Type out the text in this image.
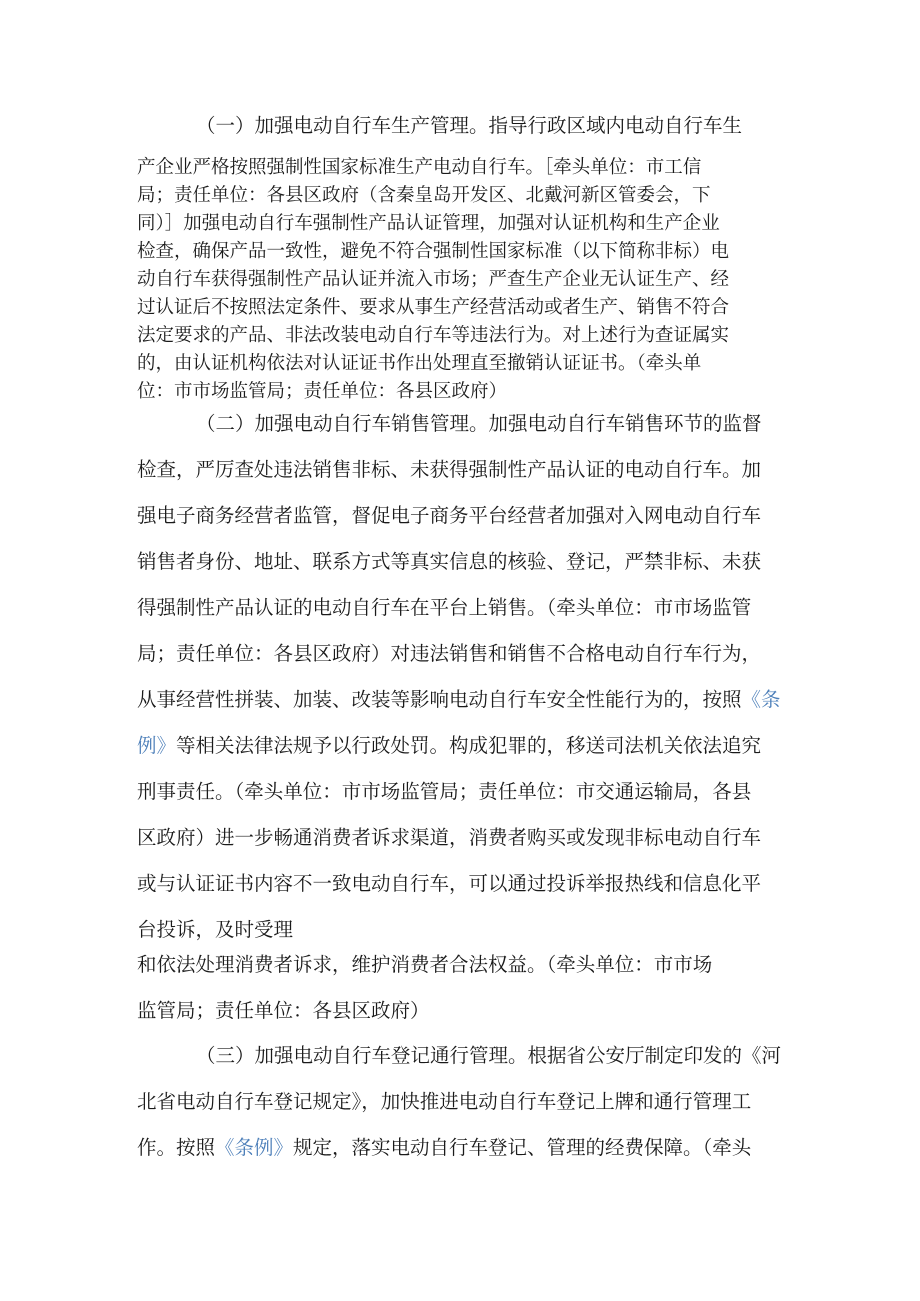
（一）加强电动自行车生产管理。指导行政区域内电动自行车生
产企业严格按照强制性国家标准生产电动自行车。［牵头单位：市工信
局；责任单位：各县区政府（含秦皇岛开发区、北戴河新区管委会，下
同）］加强电动自行车强制性产品认证管理，加强对认证机构和生产企业
检查，确保产品一致性，避免不符合强制性国家标准（以下简称非标）电
动自行车获得强制性产品认证并流入市场；严查生产企业无认证生产、经
过认证后不按照法定条件、要求从事生产经营活动或者生产、销售不符合
法定要求的产品、非法改装电动自行车等违法行为。对上述行为查证属实
的，由认证机构依法对认证证书作出处理直至撤销认证证书。（牵头单
位：市市场监管局；责任单位：各县区政府）
（二）加强电动自行车销售管理。加强电动自行车销售环节的监督
检查，严厉查处违法销售非标、未获得强制性产品认证的电动自行车。加
强电子商务经营者监管，督促电子商务平台经营者加强对入网电动自行车
销售者身份、地址、联系方式等真实信息的核验、登记，严禁非标、未获
得强制性产品认证的电动自行车在平台上销售。（牵头单位：市市场监管
局；责任单位：各县区政府）对违法销售和销售不合格电动自行车行为，
从事经营性拼装、加装、改装等影响电动自行车安全性能行为的，按照《条
例》等相关法律法规予以行政处罚。构成犯罪的，移送司法机关依法追究
刑事责任。（牵头单位：市市场监管局；责任单位：市交通运输局，各县
区政府）进一步畅通消费者诉求渠道，消费者购买或发现非标电动自行车
或与认证证书内容不一致电动自行车，可以通过投诉举报热线和信息化平
台投诉，及时受理
和依法处理消费者诉求，维护消费者合法权益。（牵头单位：市市场
监管局；责任单位：各县区政府）
（三）加强电动自行车登记通行管理。根据省公安厅制定印发的《河
北省电动自行车登记规定》，加快推进电动自行车登记上牌和通行管理工
作。按照《条例》规定，落实电动自行车登记、管理的经费保障。（牵头
